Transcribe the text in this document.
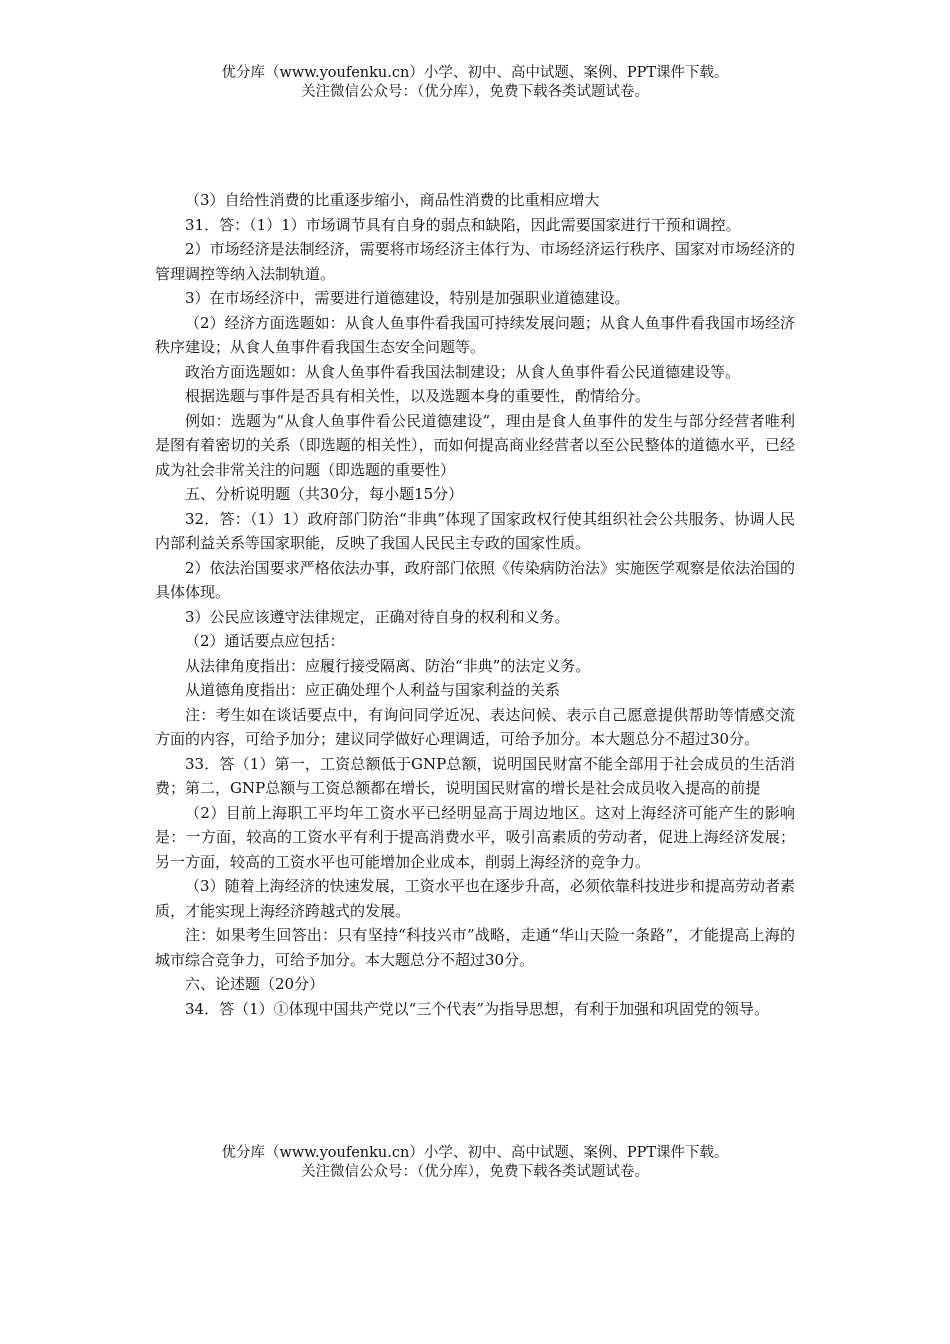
优分库（www.youfenku.cn）小学、初中、高中试题、案例、PPT课件下载。
关注微信公众号：（优分库），免费下载各类试题试卷。

（3）自给性消费的比重逐步缩小，商品性消费的比重相应增大

31．答：（1）1）市场调节具有自身的弱点和缺陷，因此需要国家进行干预和调控。

2）市场经济是法制经济，需要将市场经济主体行为、市场经济运行秩序、国家对市场经济的管理调控等纳入法制轨道。

3）在市场经济中，需要进行道德建设，特别是加强职业道德建设。

（2）经济方面选题如：从食人鱼事件看我国可持续发展问题；从食人鱼事件看我国市场经济秩序建设；从食人鱼事件看我国生态安全问题等。

政治方面选题如：从食人鱼事件看我国法制建设；从食人鱼事件看公民道德建设等。

根据选题与事件是否具有相关性，以及选题本身的重要性，酌情给分。

例如：选题为“从食人鱼事件看公民道德建设”，理由是食人鱼事件的发生与部分经营者唯利是图有着密切的关系（即选题的相关性），而如何提高商业经营者以至公民整体的道德水平，已经成为社会非常关注的问题（即选题的重要性）

五、分析说明题（共30分，每小题15分）

32．答：（1）1）政府部门防治“非典”体现了国家政权行使其组织社会公共服务、协调人民内部利益关系等国家职能，反映了我国人民民主专政的国家性质。

2）依法治国要求严格依法办事，政府部门依照《传染病防治法》实施医学观察是依法治国的具体体现。

3）公民应该遵守法律规定，正确对待自身的权利和义务。

（2）通话要点应包括：

从法律角度指出：应履行接受隔离、防治“非典”的法定义务。

从道德角度指出：应正确处理个人利益与国家利益的关系

注：考生如在谈话要点中，有询问同学近况、表达问候、表示自己愿意提供帮助等情感交流方面的内容，可给予加分；建议同学做好心理调适，可给予加分。本大题总分不超过30分。

33．答（1）第一，工资总额低于GNP总额，说明国民财富不能全部用于社会成员的生活消费；第二，GNP总额与工资总额都在增长，说明国民财富的增长是社会成员收入提高的前提

（2）目前上海职工平均年工资水平已经明显高于周边地区。这对上海经济可能产生的影响是：一方面，较高的工资水平有利于提高消费水平，吸引高素质的劳动者，促进上海经济发展；另一方面，较高的工资水平也可能增加企业成本，削弱上海经济的竞争力。

（3）随着上海经济的快速发展，工资水平也在逐步升高，必须依靠科技进步和提高劳动者素质，才能实现上海经济跨越式的发展。

注：如果考生回答出：只有坚持“科技兴市”战略，走通“华山天险一条路”，才能提高上海的城市综合竞争力，可给予加分。本大题总分不超过30分。

六、论述题（20分）

34．答（1）①体现中国共产党以“三个代表”为指导思想，有利于加强和巩固党的领导。

优分库（www.youfenku.cn）小学、初中、高中试题、案例、PPT课件下载。
关注微信公众号：（优分库），免费下载各类试题试卷。
